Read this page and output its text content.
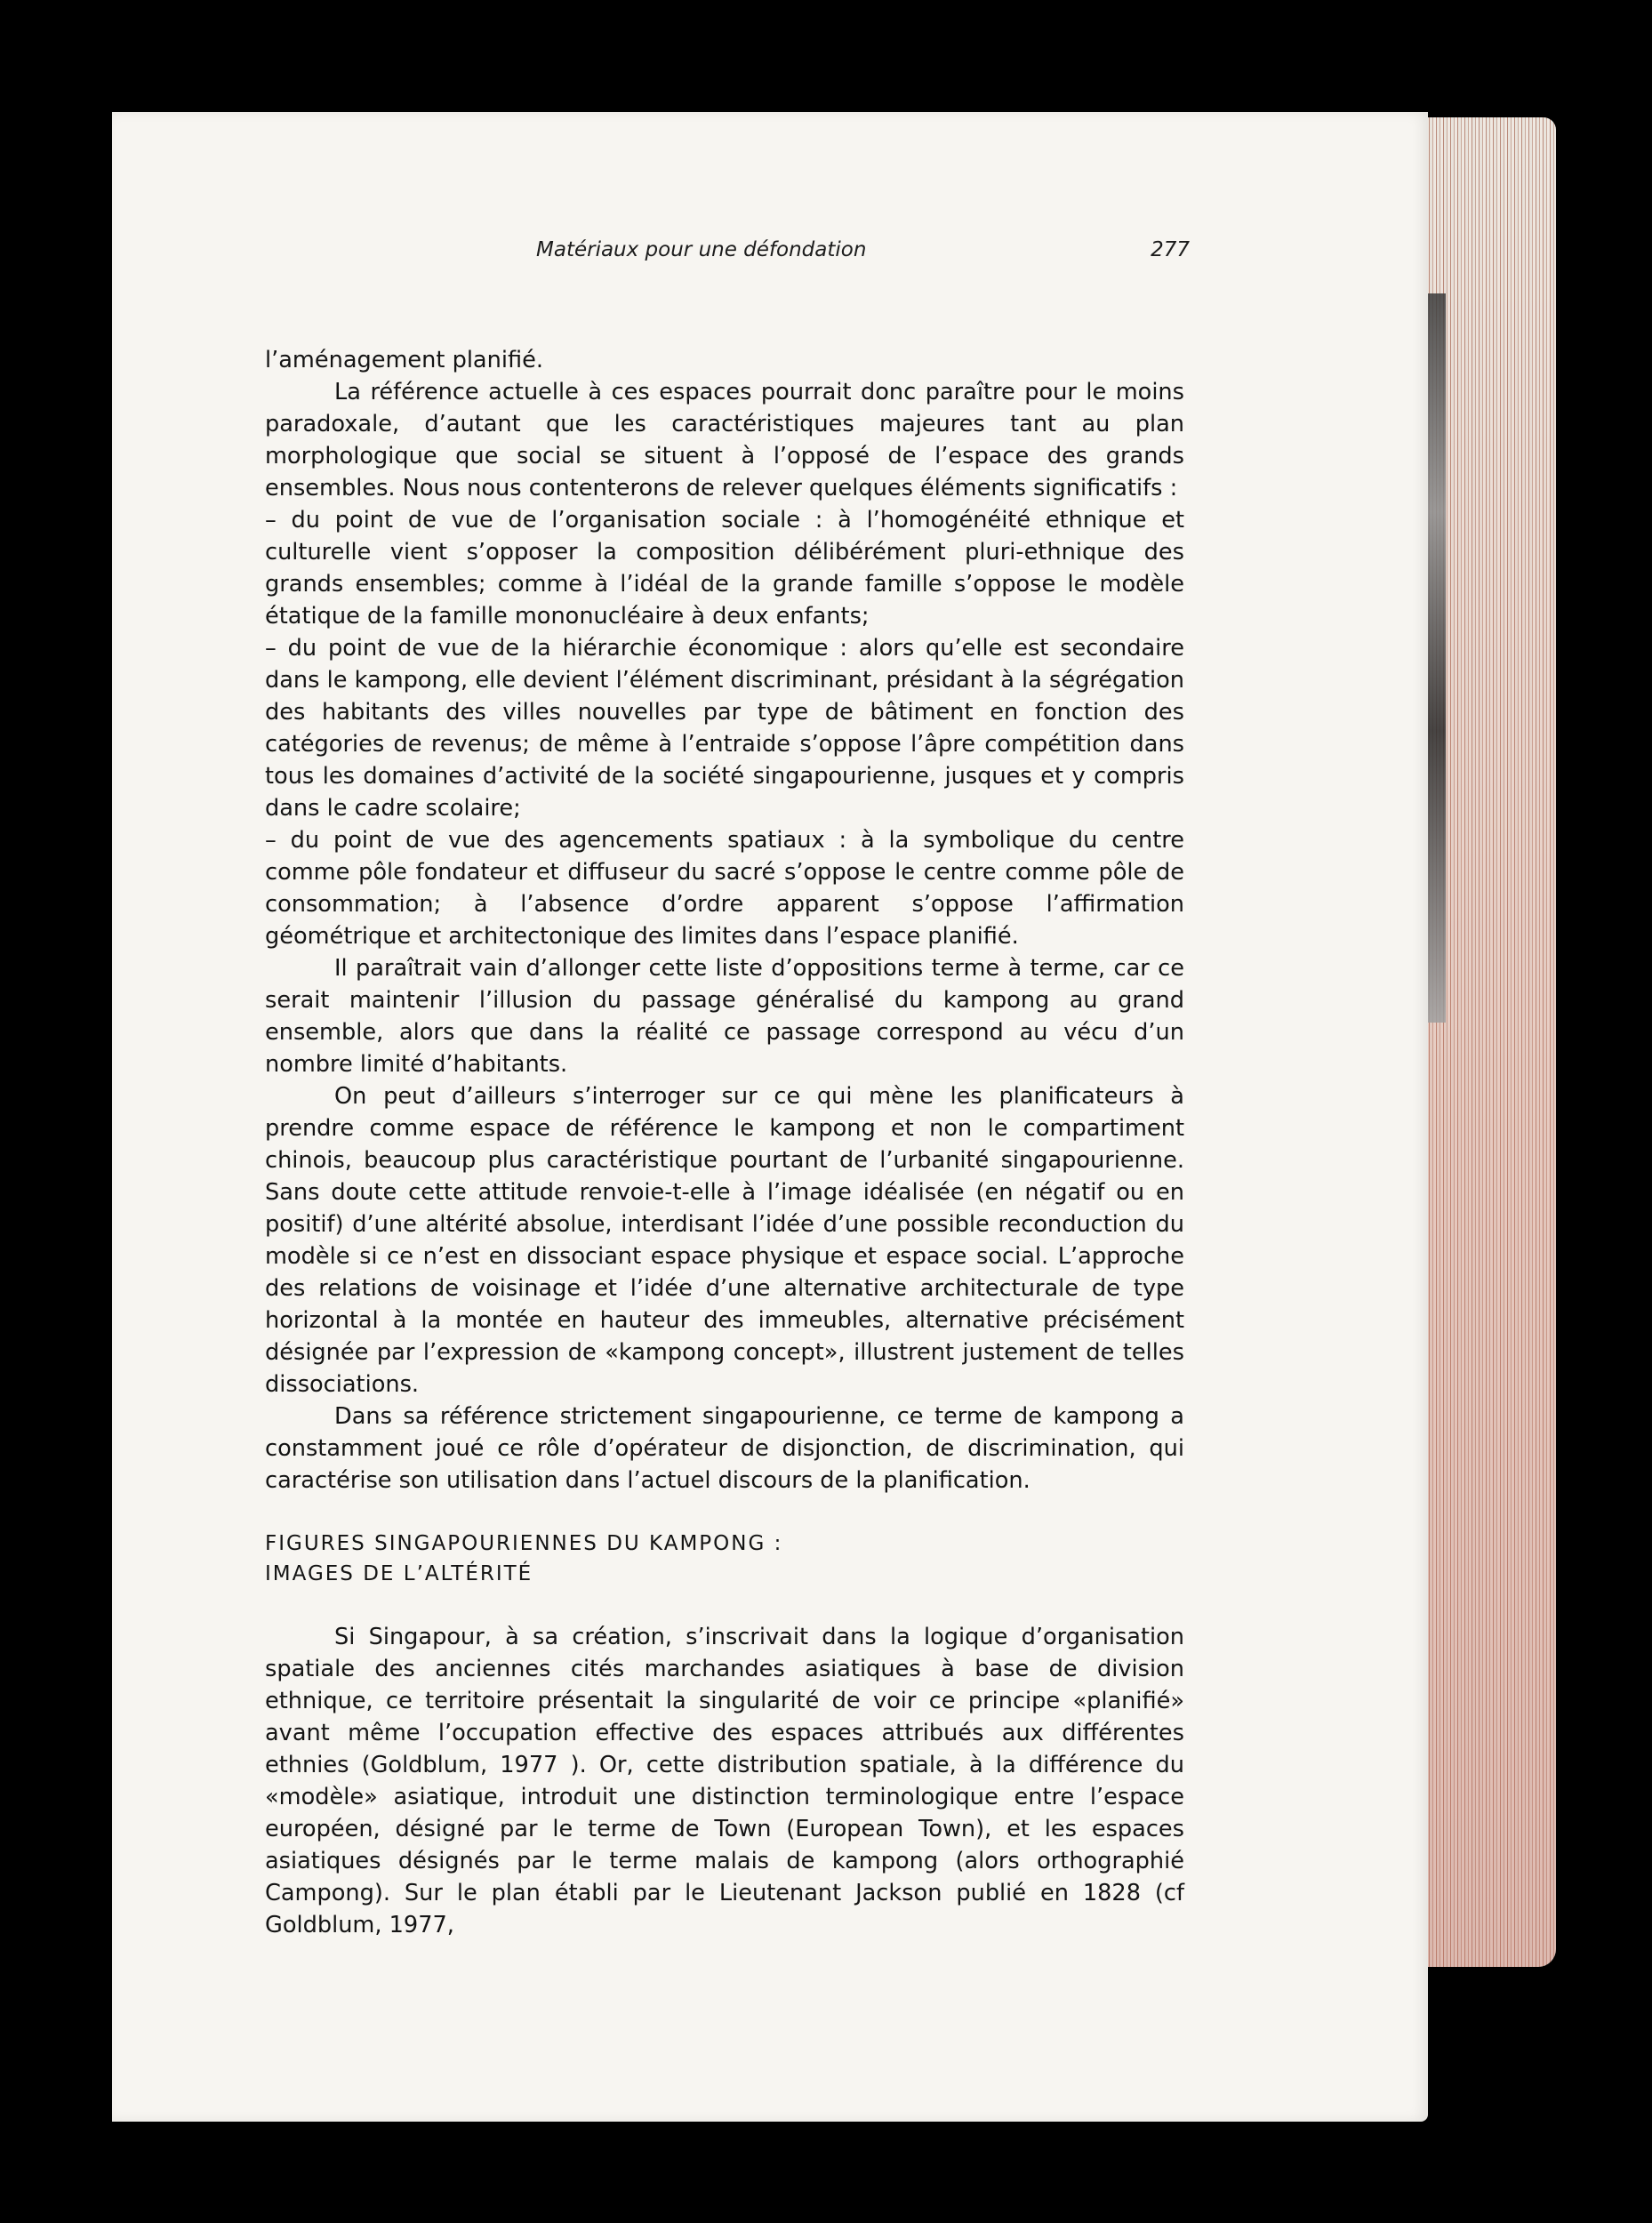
Matériaux pour une défondation	277

l’aménagement planifié.

La référence actuelle à ces espaces pourrait donc paraître pour le moins paradoxale, d’autant que les caractéristiques majeures tant au plan morphologique que social se situent à l’opposé de l’espace des grands ensembles. Nous nous contenterons de relever quelques éléments significatifs :

– du point de vue de l’organisation sociale : à l’homogénéité ethnique et culturelle vient s’opposer la composition délibérément pluri-ethnique des grands ensembles; comme à l’idéal de la grande famille s’oppose le modèle étatique de la famille mononucléaire à deux enfants;

– du point de vue de la hiérarchie économique : alors qu’elle est secondaire dans le kampong, elle devient l’élément discriminant, présidant à la ségrégation des habitants des villes nouvelles par type de bâtiment en fonction des catégories de revenus; de même à l’entraide s’oppose l’âpre compétition dans tous les domaines d’activité de la société singapourienne, jusques et y compris dans le cadre scolaire;

– du point de vue des agencements spatiaux : à la symbolique du centre comme pôle fondateur et diffuseur du sacré s’oppose le centre comme pôle de consommation; à l’absence d’ordre apparent s’oppose l’affirmation géométrique et architectonique des limites dans l’espace planifié.

Il paraîtrait vain d’allonger cette liste d’oppositions terme à terme, car ce serait maintenir l’illusion du passage généralisé du kampong au grand ensemble, alors que dans la réalité ce passage correspond au vécu d’un nombre limité d’habitants.

On peut d’ailleurs s’interroger sur ce qui mène les planificateurs à prendre comme espace de référence le kampong et non le compartiment chinois, beaucoup plus caractéristique pourtant de l’urbanité singapourienne. Sans doute cette attitude renvoie-t-elle à l’image idéalisée (en négatif ou en positif) d’une altérité absolue, interdisant l’idée d’une possible reconduction du modèle si ce n’est en dissociant espace physique et espace social. L’approche des relations de voisinage et l’idée d’une alternative architecturale de type horizontal à la montée en hauteur des immeubles, alternative précisément désignée par l’expression de «kampong concept», illustrent justement de telles dissociations.

Dans sa référence strictement singapourienne, ce terme de kampong a constamment joué ce rôle d’opérateur de disjonction, de discrimination, qui caractérise son utilisation dans l’actuel discours de la planification.

FIGURES SINGAPOURIENNES DU KAMPONG :
IMAGES DE L’ALTÉRITÉ

Si Singapour, à sa création, s’inscrivait dans la logique d’organisation spatiale des anciennes cités marchandes asiatiques à base de division ethnique, ce territoire présentait la singularité de voir ce principe «planifié» avant même l’occupation effective des espaces attribués aux différentes ethnies (Goldblum, 1977 ). Or, cette distribution spatiale, à la différence du «modèle» asiatique, introduit une distinction terminologique entre l’espace européen, désigné par le terme de Town (European Town), et les espaces asiatiques désignés par le terme malais de kampong (alors orthographié Campong). Sur le plan établi par le Lieutenant Jackson publié en 1828 (cf Goldblum, 1977,
